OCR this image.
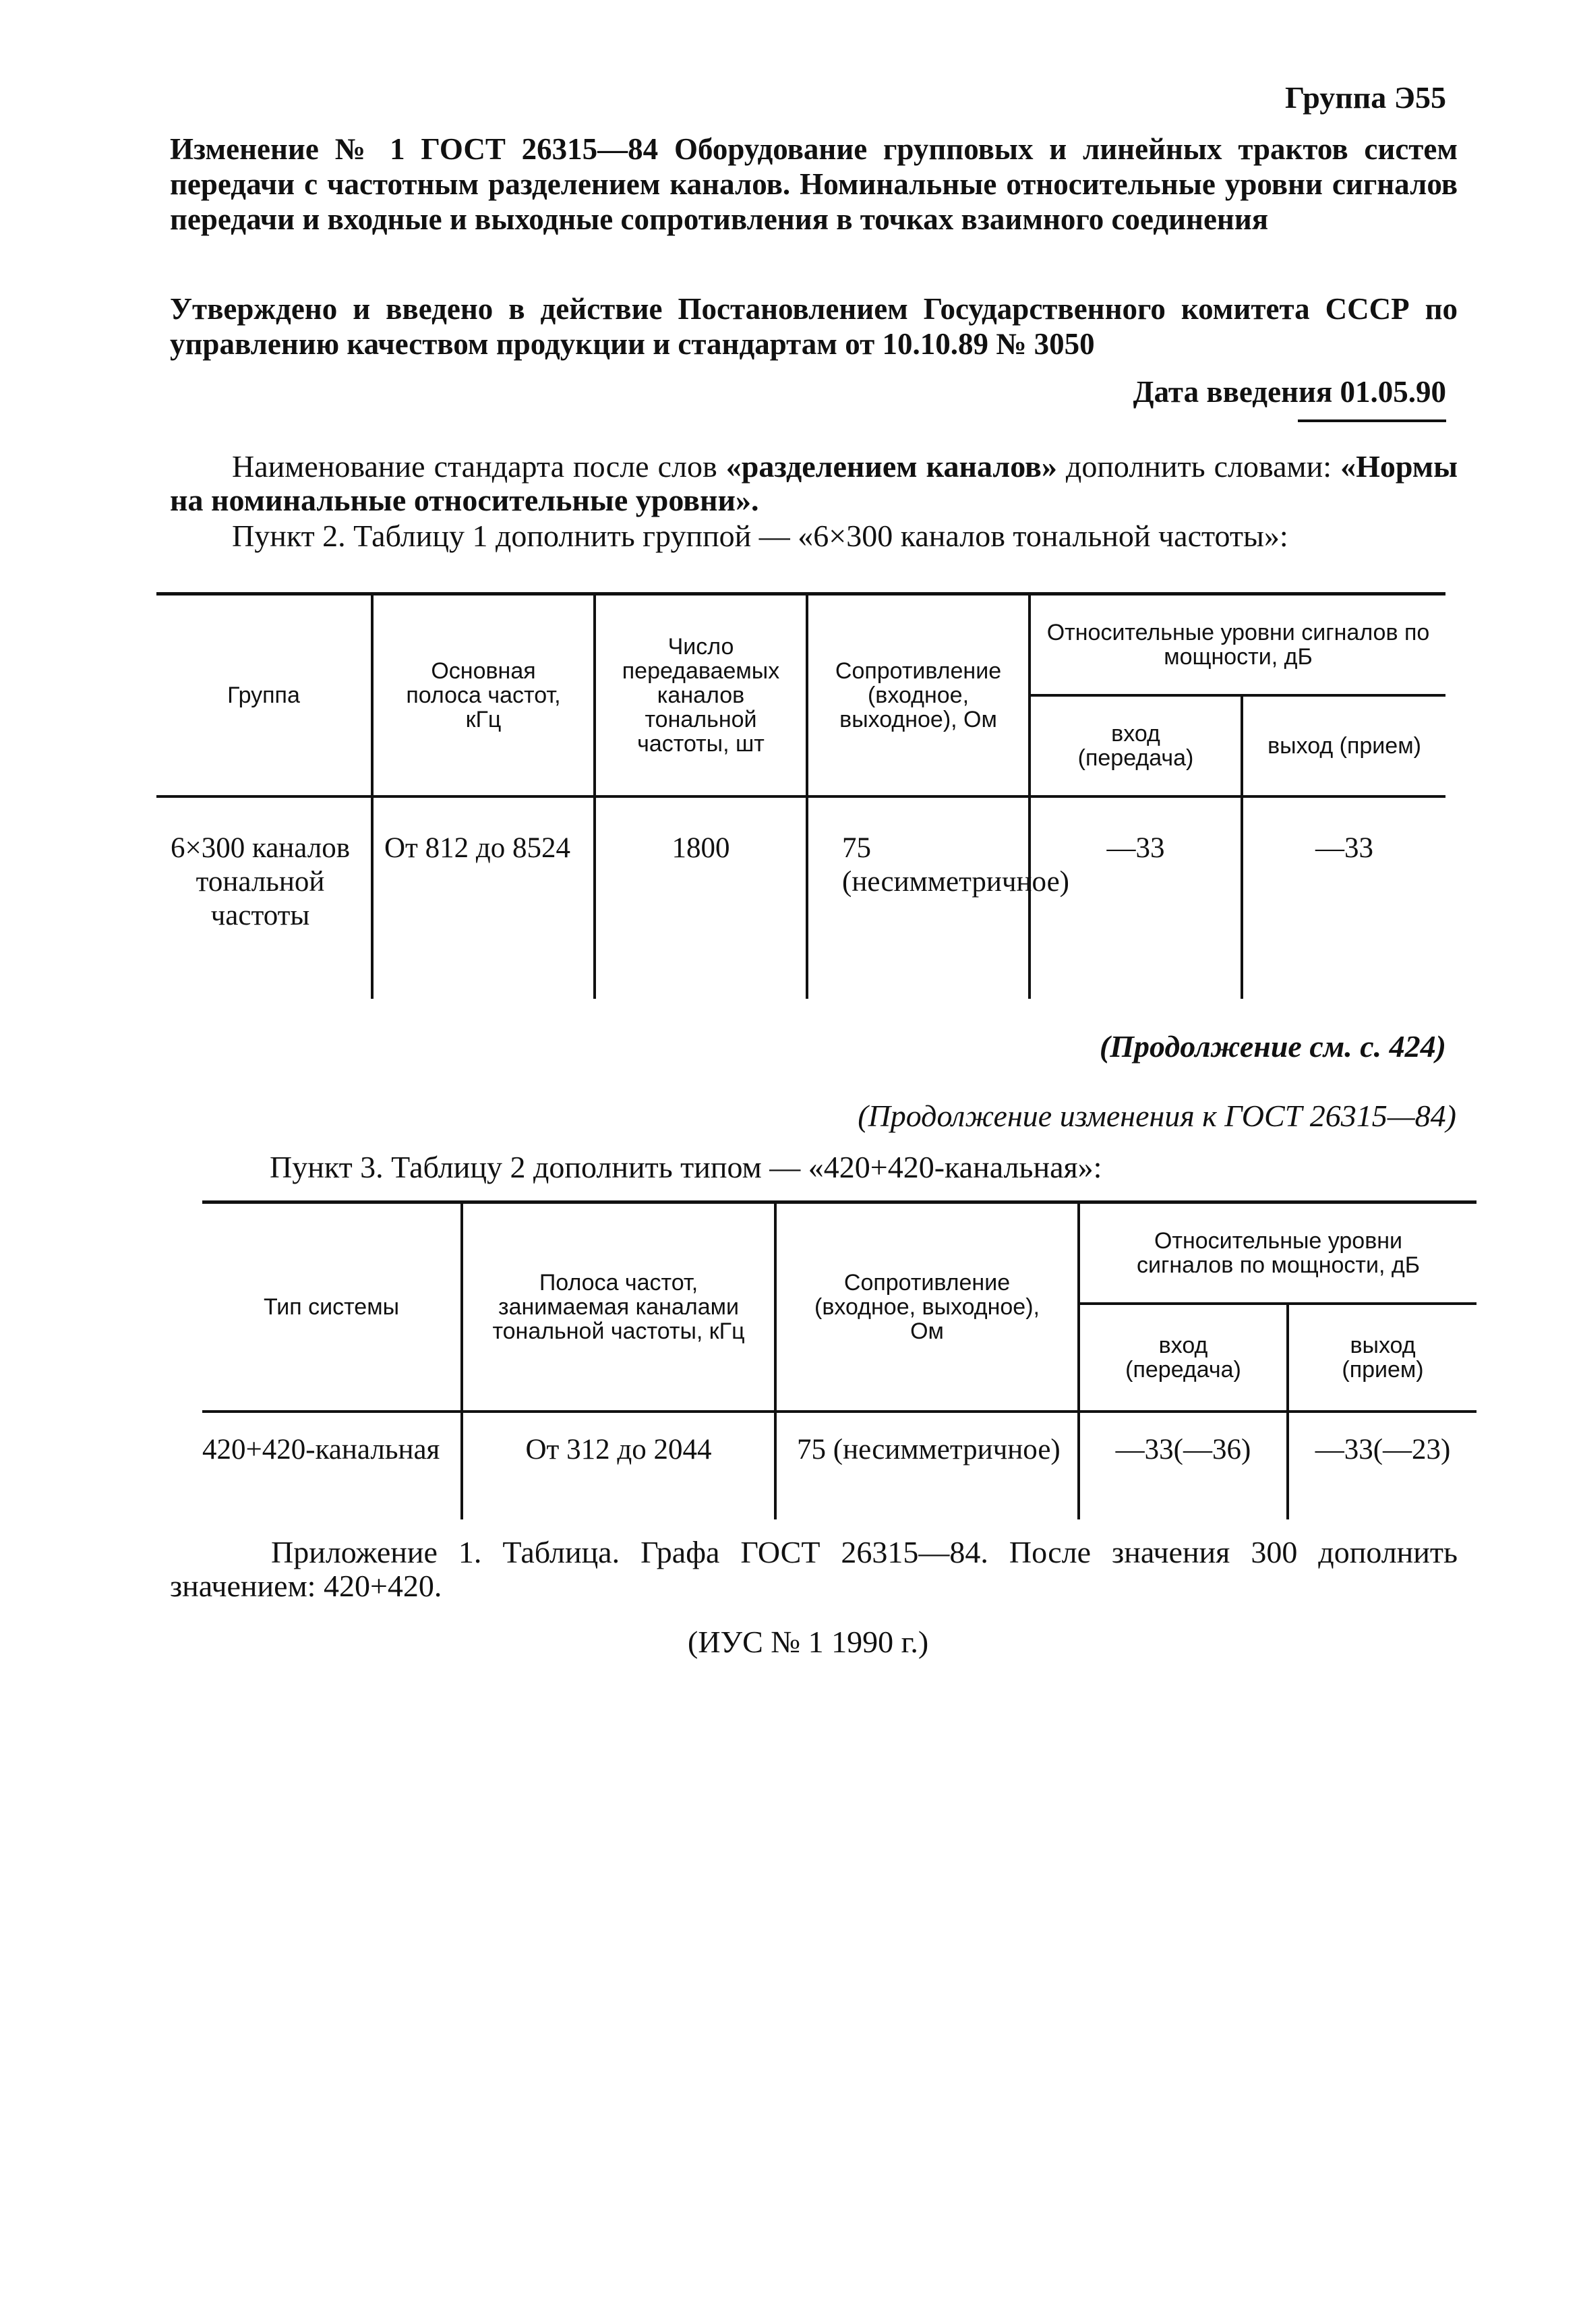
Группа Э55
Изменение № 1 ГОСТ 26315—84 Оборудование групповых и линейных трактов систем передачи с частотным разделением каналов. Номинальные относительные уровни сигналов передачи и входные и выходные сопротивления в точках взаимного соединения
Утверждено и введено в действие Постановлением Государственного комитета СССР по управлению качеством продукции и стандартам от 10.10.89 № 3050
Дата введения 01.05.90
Наименование стандарта после слов «разделением каналов» дополнить словами: «Нормы на номинальные относительные уровни».
Пункт 2. Таблицу 1 дополнить группой — «6×300 каналов тональной частоты»:
Группа	Основная полоса частот, кГц	Число передаваемых каналов тональной частоты, шт	Сопротивление (входное, выходное), Ом	Относительные уровни сигналов по мощности, дБ	
				вход (передача)	выход (прием)
6×300 каналов тональной частоты	От 812 до 8524	1800	75 (несимметричное)	—33	—33
(Продолжение см. с. 424)
(Продолжение изменения к ГОСТ 26315—84)
Пункт 3. Таблицу 2 дополнить типом — «420+420-канальная»:
Тип системы	Полоса частот, занимаемая каналами тональной частоты, кГц	Сопротивление (входное, выходное), Ом	Относительные уровни сигналов по мощности, дБ	
			вход (передача)	выход (прием)
420+420-канальная	От 312 до 2044	75 (несимметричное)	—33(—36)	—33(—23)
Приложение 1. Таблица. Графа ГОСТ 26315—84. После значения 300 дополнить значением: 420+420.
(ИУС № 1 1990 г.)
